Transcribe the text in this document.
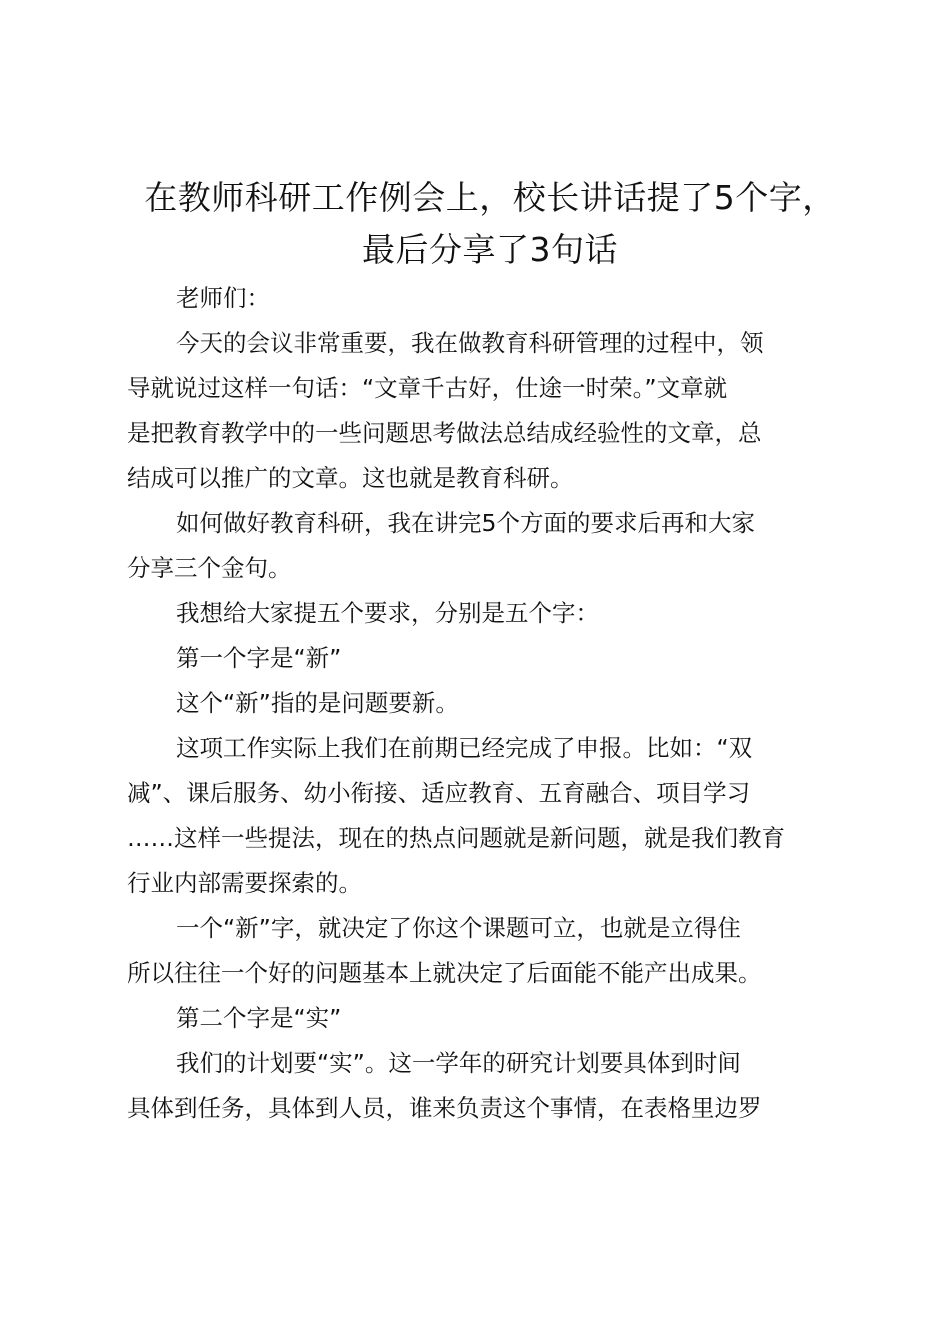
在教师科研工作例会上，校长讲话提了5个字，
最后分享了3句话

老师们：

今天的会议非常重要，我在做教育科研管理的过程中，领
导就说过这样一句话：“文章千古好，仕途一时荣。”文章就
是把教育教学中的一些问题思考做法总结成经验性的文章，总
结成可以推广的文章。这也就是教育科研。

如何做好教育科研，我在讲完5个方面的要求后再和大家
分享三个金句。

我想给大家提五个要求，分别是五个字：

第一个字是“新”

这个“新”指的是问题要新。

这项工作实际上我们在前期已经完成了申报。比如：“双
减”、课后服务、幼小衔接、适应教育、五育融合、项目学习
……这样一些提法，现在的热点问题就是新问题，就是我们教育
行业内部需要探索的。

一个“新”字，就决定了你这个课题可立，也就是立得住
所以往往一个好的问题基本上就决定了后面能不能产出成果。

第二个字是“实”

我们的计划要“实”。这一学年的研究计划要具体到时间
具体到任务，具体到人员，谁来负责这个事情，在表格里边罗
